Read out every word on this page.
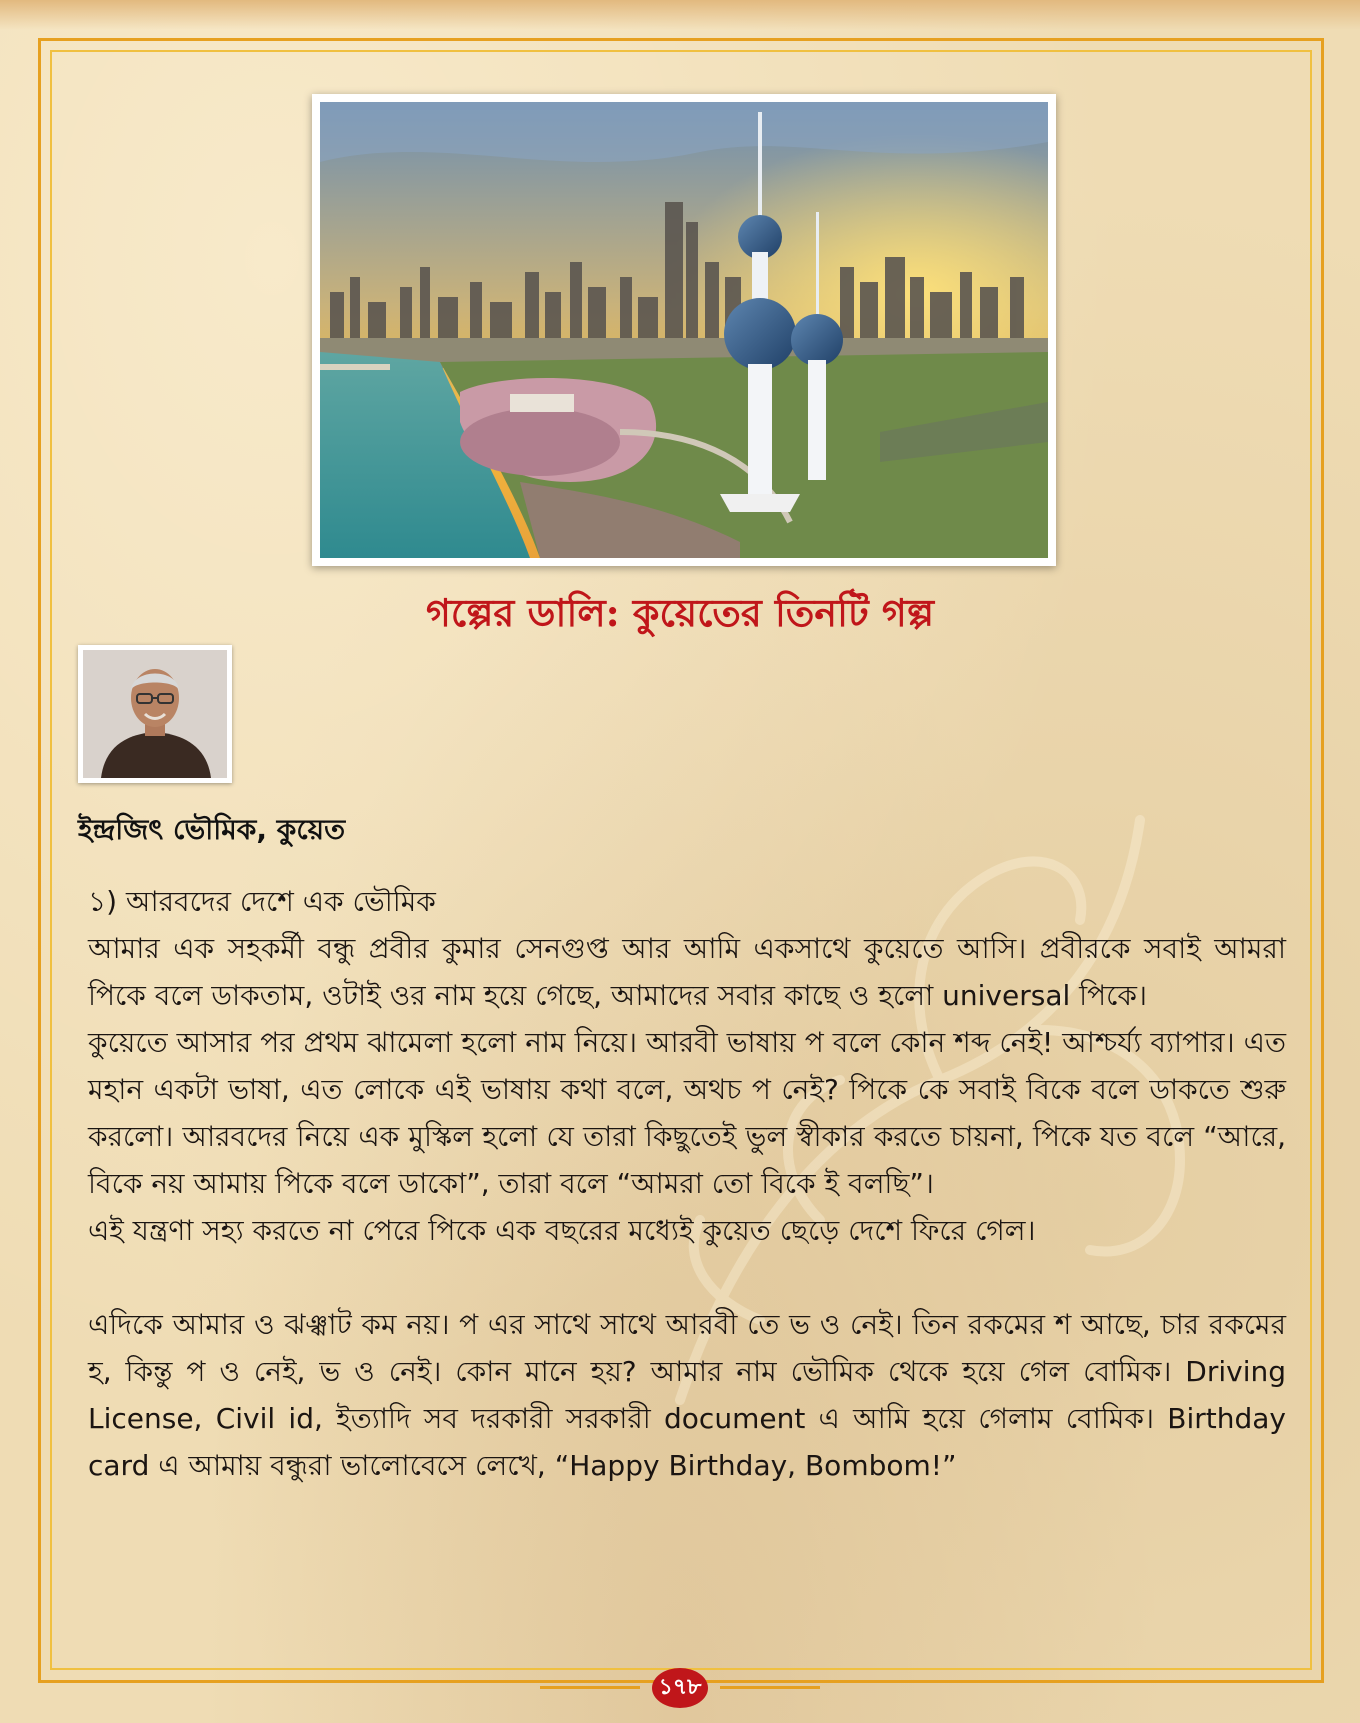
গল্পের ডালি: কুয়েতের তিনটি গল্প
ইন্দ্রজিৎ ভৌমিক, কুয়েত

১) আরবদের দেশে এক ভৌমিক

আমার এক সহকর্মী বন্ধু প্রবীর কুমার সেনগুপ্ত আর আমি একসাথে কুয়েতে আসি। প্রবীরকে সবাই আমরা পিকে বলে ডাকতাম, ওটাই ওর নাম হয়ে গেছে, আমাদের সবার কাছে ও হলো universal পিকে।

কুয়েতে আসার পর প্রথম ঝামেলা হলো নাম নিয়ে। আরবী ভাষায় প বলে কোন শব্দ নেই! আশ্চর্য্য ব্যাপার। এত মহান একটা ভাষা, এত লোকে এই ভাষায় কথা বলে, অথচ প নেই? পিকে কে সবাই বিকে বলে ডাকতে শুরু করলো। আরবদের নিয়ে এক মুস্কিল হলো যে তারা কিছুতেই ভুল স্বীকার করতে চায়না, পিকে যত বলে “আরে, বিকে নয় আমায় পিকে বলে ডাকো”, তারা বলে “আমরা তো বিকে ই বলছি”।

এই যন্ত্রণা সহ্য করতে না পেরে পিকে এক বছরের মধ্যেই কুয়েত ছেড়ে দেশে ফিরে গেল।

এদিকে আমার ও ঝঞ্ঝাট কম নয়। প এর সাথে সাথে আরবী তে ভ ও নেই। তিন রকমের শ আছে, চার রকমের হ, কিন্তু প ও নেই, ভ ও নেই। কোন মানে হয়? আমার নাম ভৌমিক থেকে হয়ে গেল বোমিক। Driving License, Civil id, ইত্যাদি সব দরকারী সরকারী document এ আমি হয়ে গেলাম বোমিক। Birthday card এ আমায় বন্ধুরা ভালোবেসে লেখে, “Happy Birthday, Bombom!”

১৭৮
